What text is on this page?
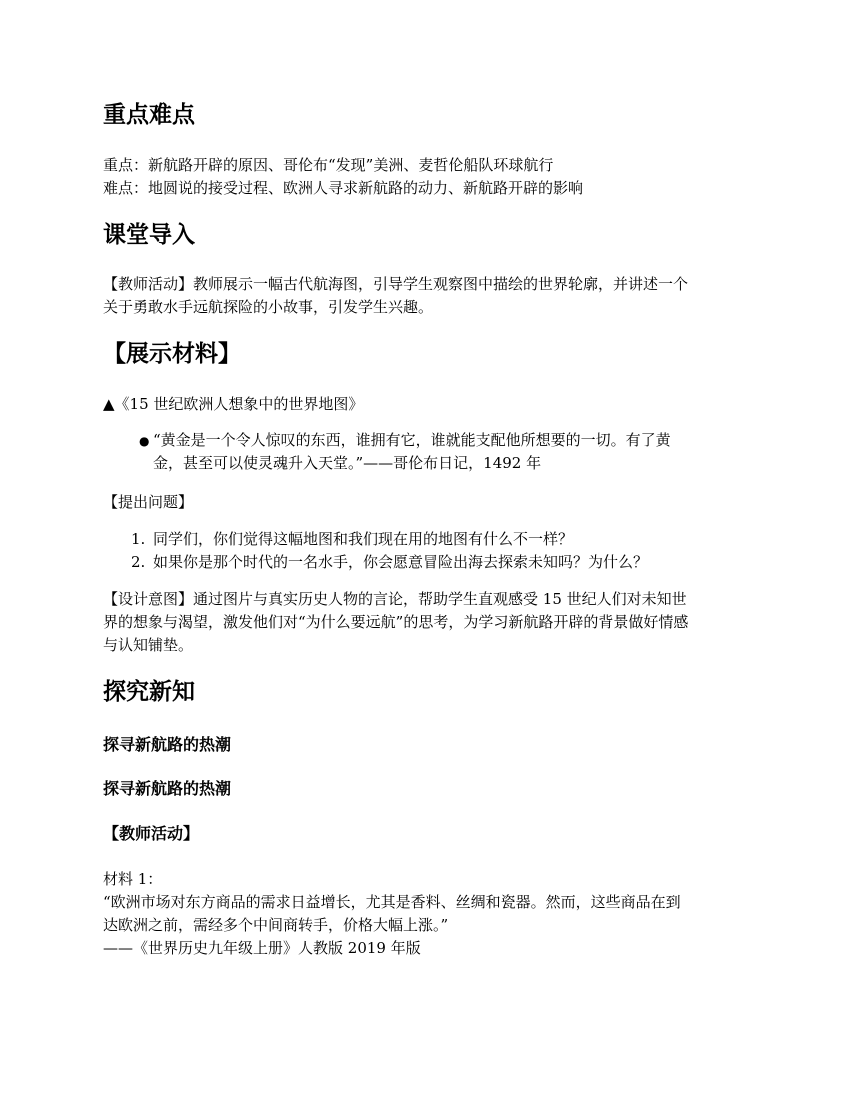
重点难点
重点：新航路开辟的原因、哥伦布“发现”美洲、麦哲伦船队环球航行
难点：地圆说的接受过程、欧洲人寻求新航路的动力、新航路开辟的影响
课堂导入
【教师活动】教师展示一幅古代航海图，引导学生观察图中描绘的世界轮廓，并讲述一个
关于勇敢水手远航探险的小故事，引发学生兴趣。
【展示材料】
▲《15 世纪欧洲人想象中的世界地图》
● “黄金是一个令人惊叹的东西，谁拥有它，谁就能支配他所想要的一切。有了黄
金，甚至可以使灵魂升入天堂。”——哥伦布日记，1492 年
【提出问题】
1. 同学们，你们觉得这幅地图和我们现在用的地图有什么不一样？
2. 如果你是那个时代的一名水手，你会愿意冒险出海去探索未知吗？为什么？
【设计意图】通过图片与真实历史人物的言论，帮助学生直观感受 15 世纪人们对未知世
界的想象与渴望，激发他们对“为什么要远航”的思考，为学习新航路开辟的背景做好情感
与认知铺垫。
探究新知
探寻新航路的热潮
探寻新航路的热潮
【教师活动】
材料 1：
“欧洲市场对东方商品的需求日益增长，尤其是香料、丝绸和瓷器。然而，这些商品在到
达欧洲之前，需经多个中间商转手，价格大幅上涨。”
——《世界历史九年级上册》人教版 2019 年版
